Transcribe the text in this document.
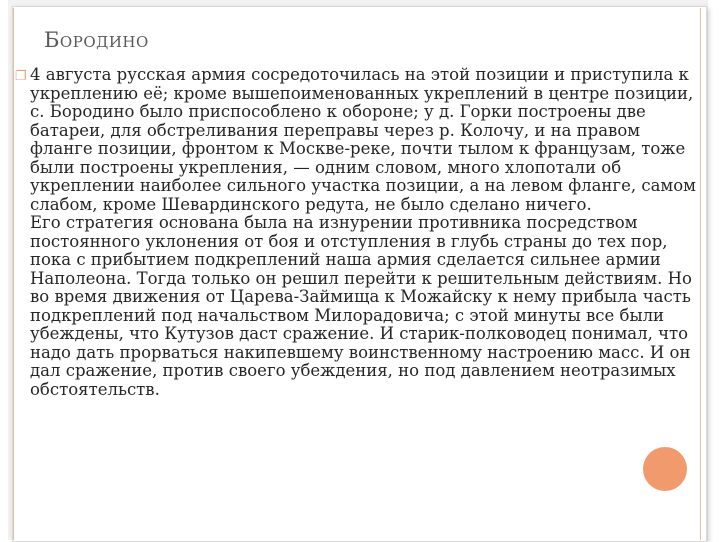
Бородино
❐ 4 августа русская армия сосредоточилась на этой позиции и приступила к укреплению её; кроме вышепоименованных укреплений в центре позиции, с. Бородино было приспособлено к обороне; у д. Горки построены две батареи, для обстреливания переправы через р. Колочу, и на правом фланге позиции, фронтом к Москве-реке, почти тылом к французам, тоже были построены укрепления, — одним словом, много хлопотали об укреплении наиболее сильного участка позиции, а на левом фланге, самом слабом, кроме Шевардинского редута, не было сделано ничего.

Его стратегия основана была на изнурении противника посредством постоянного уклонения от боя и отступления в глубь страны до тех пор, пока с прибытием подкреплений наша армия сделается сильнее армии Наполеона. Тогда только он решил перейти к решительным действиям. Но во время движения от Царева-Займища к Можайску к нему прибыла часть подкреплений под начальством Милорадовича; с этой минуты все были убеждены, что Кутузов даст сражение. И старик-полководец понимал, что надо дать прорваться накипевшему воинственному настроению масс. И он дал сражение, против своего убеждения, но под давлением неотразимых обстоятельств.
